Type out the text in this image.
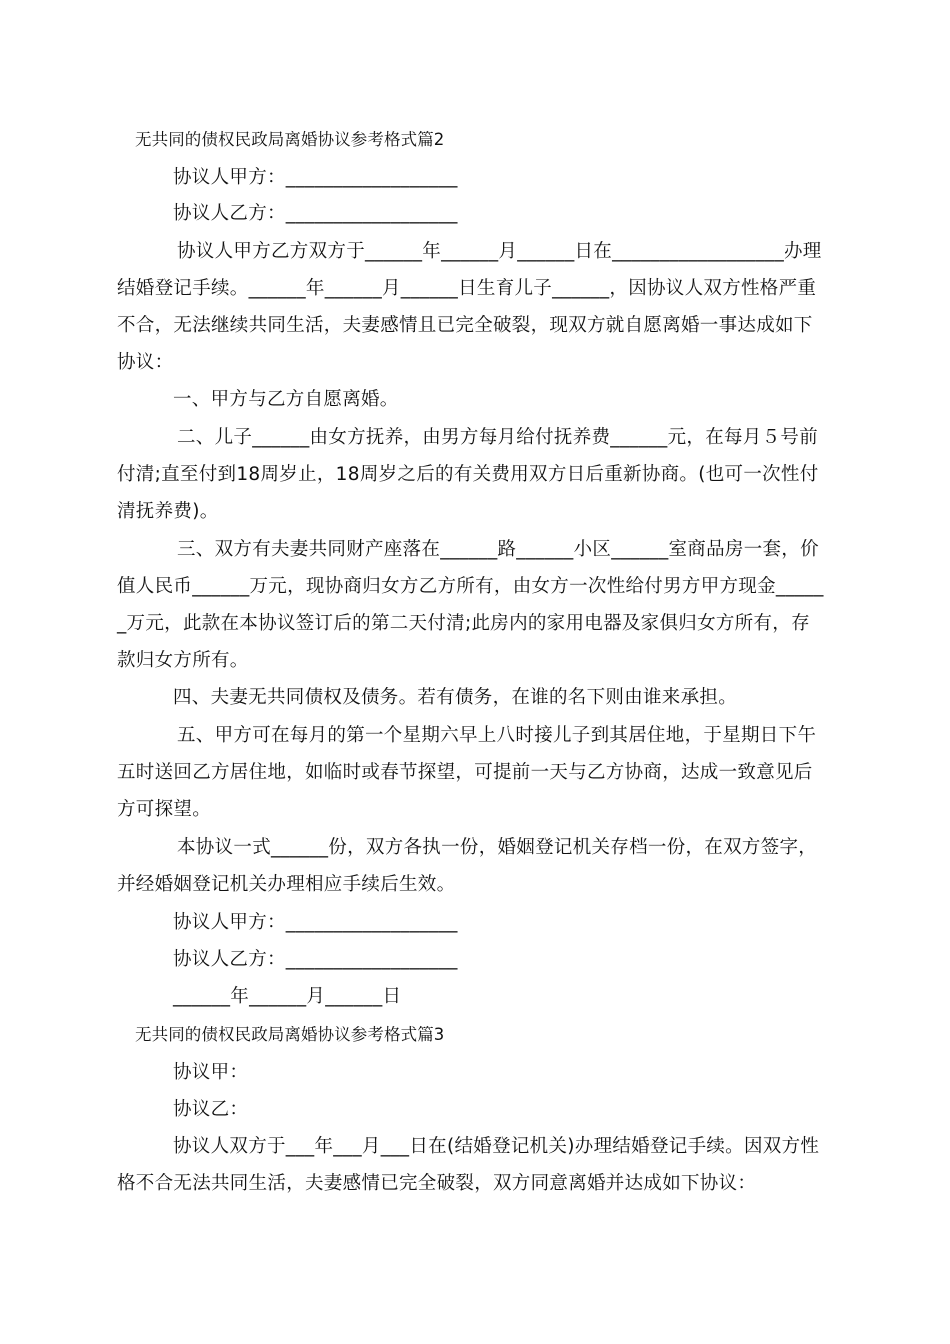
无共同的债权民政局离婚协议参考格式篇2
协议人甲方：__________________
协议人乙方：__________________
协议人甲方乙方双方于______年______月______日在__________________办理
结婚登记手续。______年______月______日生育儿子______，因协议人双方性格严重
不合，无法继续共同生活，夫妻感情且已完全破裂，现双方就自愿离婚一事达成如下
协议：
一、甲方与乙方自愿离婚。
二、儿子______由女方抚养，由男方每月给付抚养费______元，在每月５号前
付清;直至付到18周岁止，18周岁之后的有关费用双方日后重新协商。(也可一次性付
清抚养费)。
三、双方有夫妻共同财产座落在______路______小区______室商品房一套，价
值人民币______万元，现协商归女方乙方所有，由女方一次性给付男方甲方现金_____
_万元，此款在本协议签订后的第二天付清;此房内的家用电器及家俱归女方所有，存
款归女方所有。
四、夫妻无共同债权及债务。若有债务，在谁的名下则由谁来承担。
五、甲方可在每月的第一个星期六早上八时接儿子到其居住地，于星期日下午
五时送回乙方居住地，如临时或春节探望，可提前一天与乙方协商，达成一致意见后
方可探望。
本协议一式______份，双方各执一份，婚姻登记机关存档一份，在双方签字，
并经婚姻登记机关办理相应手续后生效。
协议人甲方：__________________
协议人乙方：__________________
______年______月______日
无共同的债权民政局离婚协议参考格式篇3
协议甲：
协议乙：
协议人双方于___年___月___日在(结婚登记机关)办理结婚登记手续。因双方性
格不合无法共同生活，夫妻感情已完全破裂，双方同意离婚并达成如下协议：
